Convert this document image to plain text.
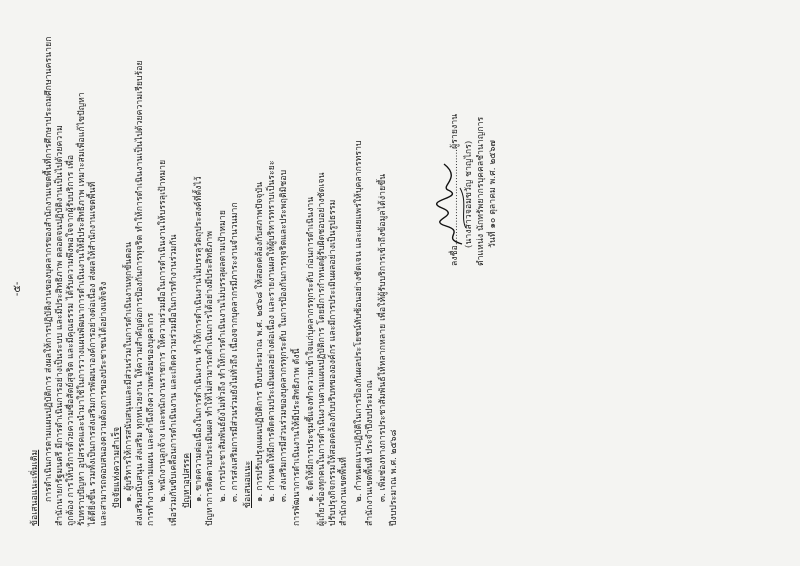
-๕-
ข้อเสนอแนะเพิ่มเติม การดำเนินการตามแผนปฏิบัติการ ส่งผลให้การปฏิบัติงานของบุคลากรของสำนักงานเขตพื้นที่การศึกษาประถมศึกษานครนายก สำนักนายกรัฐมนตรี มีการดำเนินการอย่างเป็นระบบ และมีประสิทธิภาพ ตลอดจนปฏิบัติงานเป็นไปด้วยความ ถูกต้อง การให้บริการด้วยความซื่อสัตย์สุจริต และมีคุณธรรม ได้รับความพึงพอใจจากผู้รับบริการ เพื่อ รับทราบปัญหา อุปสรรคและนำมาใช้ในการวางแผนพัฒนาการดำเนินงานให้มีประสิทธิภาพ เหมาะสมเพื่อแก้ไขปัญหา ได้ดียิ่งขึ้น รวมทั้งเป็นการส่งเสริมการพัฒนาองค์การอย่างต่อเนื่อง ส่งผลให้สำนักงานเขตพื้นที่ และสามารถตอบสนองความต้องการของประชาชนได้อย่างแท้จริง ปัจจัยแห่งความสำเร็จ ๑. ผู้บริหารให้การสนับสนุนและมีส่วนร่วมในการดำเนินงานทุกขั้นตอน ส่งเสริมสนับสนุน ส่งเสริม ทุกหน่วยงาน ให้ความสำคัญต่อการป้องกันการทุจริต ทำให้การดำเนินงานเป็นไปด้วยความเรียบร้อย การทำงานตามแผน และคำนึงถึงความพร้อมของบุคลากร ๒. พนักงานลูกจ้าง และพนักงานราชการ ให้ความร่วมมือในการดำเนินงานให้บรรลุเป้าหมาย เพื่อร่วมกันขับเคลื่อนการดำเนินงาน และเกิดความร่วมมือในการทำงานร่วมกัน ปัญหาอุปสรรค ๑. ขาดความต่อเนื่องในการดำเนินงาน ทำให้การดำเนินงานไม่บรรลุวัตถุประสงค์ที่ตั้งไว้ ปัญหาการติดตามประเมินผล ทำให้ไม่สามารถดำเนินการได้อย่างมีประสิทธิภาพ ๒. การประชาสัมพันธ์ยังไม่ทั่วถึง ทำให้การดำเนินงานไม่บรรลุผลตามเป้าหมาย ๓. การส่งเสริมการมีส่วนร่วมยังไม่ทั่วถึง เนื่องจากบุคลากรมีภาระงานจำนวนมาก ข้อเสนอแนะ ๑. การปรับปรุงแผนปฏิบัติการ ปีงบประมาณ พ.ศ. ๒๕๖๘ ให้สอดคล้องกับสภาพปัจจุบัน ๒. กำหนดให้มีการติดตามประเมินผลอย่างต่อเนื่อง และรายงานผลให้ผู้บริหารทราบเป็นระยะ ๓. ส่งเสริมการมีส่วนร่วมของบุคลากรทุกระดับ ในการป้องกันการทุจริตและประพฤติมิชอบ การพัฒนาการดำเนินงานให้มีประสิทธิภาพ ดังนี้ ๑. จัดให้มีการประชุมชี้แจงทำความเข้าใจแก่บุคลากรทุกระดับ ก่อนการดำเนินงาน ผู้เกี่ยวข้องทุกคนในการดำเนินงานตามแผนปฏิบัติการ โดยมีการกำหนดผู้รับผิดชอบอย่างชัดเจน ปรับปรุงกิจกรรมให้สอดคล้องกับบริบทขององค์กร และมีการประเมินผลอย่างเป็นรูปธรรม สำนักงานเขตพื้นที่ ๒. กำหนดแนวปฏิบัติในการป้องกันผลประโยชน์ทับซ้อนอย่างชัดเจน และเผยแพร่ให้บุคลากรทราบ สำนักงานเขตพื้นที่ ประจำปีงบประมาณ ๓. เพิ่มช่องทางการประชาสัมพันธ์ให้หลากหลาย เพื่อให้ผู้รับบริการเข้าถึงข้อมูลได้ง่ายขึ้น ปีงบประมาณ พ.ศ. ๒๕๖๘
ลงชื่อ..................................ผู้รายงาน (นางสาวจอมขวัญ ชาญไกร) ตำแหน่ง นักทรัพยากรบุคคลชำนาญการ วันที่ ๑๐ ตุลาคม พ.ศ. ๒๕๖๗
